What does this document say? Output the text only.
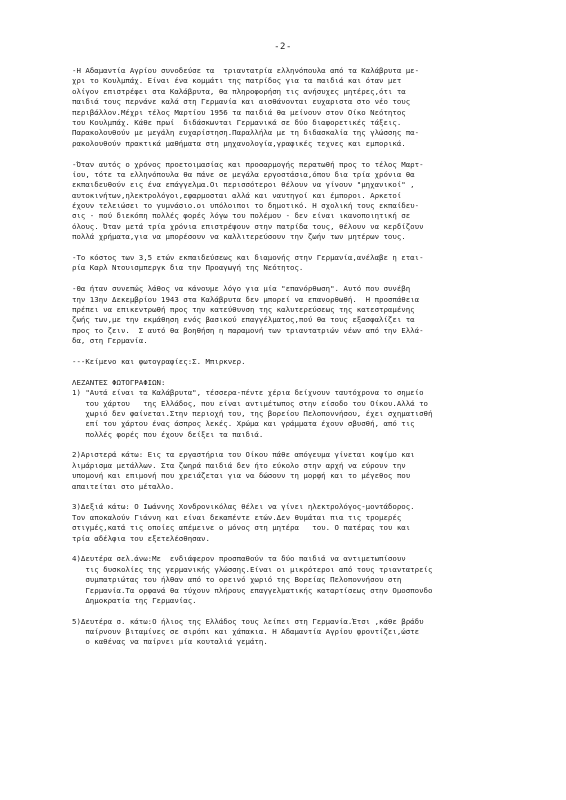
-2-
-Η Αδαμαντία Αγρίου συνοδεύσε τα  τριαντατρία ελληνόπουλα από τα Καλάβρυτα με-
χρι το Κουλμπάχ. Είναι ένα κομμάτι της πατρίδος για τα παιδιά και όταν μετ
ολίγον επιστρέφει στα Καλάβρυτα, θα πληροφορήση τις ανήσυχες μητέρες,ότι τα
παιδιά τους περνάνε καλά στη Γερμανία και αισθάνονται ευχαριστα στο νέο τους
περιβάλλον.Μέχρι τέλος Μαρτίου 1956 τα παιδιά θα μείνουν στον Οίκο Νεότητος
του Κουλμπάχ. Κάθε πρωί  διδάσκωνται Γερμανικά σε δύο διαφορετικές τάξεις.
Παρακολουθούν με μεγάλη ευχαρίστηση.Παραλλήλα με τη διδασκαλία της γλώσσης πα-
ρακολουθούν πρακτικά μαθήματα στη μηχανολογία,γραφικές τεχνες και εμπορικά.
-Όταν αυτός ο χρόνος προετοιμασίας και προσαρμογής περατωθή προς το τέλος Μαρτ-
ίου, τότε τα ελληνόπουλα θα πάνε σε μεγάλα εργοστάσια,όπου δια τρία χρόνια θα
εκπαιδευθούν εις ένα επάγγελμα.Οι περισσότεροι θέλουν να γίνουν "μηχανικοί" ,
αυτοκινήτων,ηλεκτρολόγοι,εφαρμοσται αλλά και ναυτηγοί και έμποροι. Αρκετοί
έχουν τελειώσει το γυμνάσιο.οι υπόλοιποι το δημοτικό. Η σχολική τους εκπαίδευ-
σις - πού διεκόπη πολλές φορές λόγω του πολέμου - δεν είναι ικανοποιητική σε
όλους. Όταν μετά τρία χρόνια επιστρέψουν στην πατρίδα τους, θέλουν να κερδίζουν
πολλά χρήματα,για να μπορέσουν να καλλιτερεύσουν την ζωήν των μητέρων τους.
-Το κόστος των 3,5 ετών εκπαιδεύσεως και διαμονής στην Γερμανία,ανέλαβε η εται-
ρία Καρλ Ντουισμπεργκ δια την Προαγωγή της Νεότητος.
-Θα ήταν συνεπώς λάθος να κάνουμε λόγο για μία "επανόρθωση". Αυτό που συνέβη
την 13ην Δεκεμβρίου 1943 στα Καλάβρυτα δεν μπορεί να επανορθωθή.  Η προσπάθεια
πρέπει να επικεντρωθή προς την κατεύθυνση της καλυτερεύσεως της κατεστραμένης
ζωής των,με την εκμάθηση ενός βασικού επαγγέλματος,πού θα τους εξασφαλίζει τα
προς το ζειν.  Σ αυτό θα βοηθήση η παραμονή των τριαντατριών νέων από την Ελλά-
δα, στη Γερμανία.
---Κείμενο και φωτογραφίες:Σ. Μπιρκνερ.
ΛΕΖΑΝΤΕΣ ΦΩΤΟΓΡΑΦΙΩΝ:
1) "Αυτά είναι τα Καλάβρυτα", τέσσερα-πέντε χέρια δείχνουν ταυτόχρονα το σημείο
του χάρτου   της Ελλάδος, που είναι αντιμέτωπος στην είσοδο του Οίκου.Αλλά το
χωριό δεν φαίνεται.Στην περιοχή του, της βορείου Πελοποννήσου, έχει σχηματισθή
επί του χάρτου ένας άσπρος λεκές. Χρώμα και γράμματα έχουν σβυσθή, από τις
πολλές φορές που έχουν δείξει τα παιδιά.
2)Αριστερά κάτω: Εις τα εργαστήρια του Οίκου πάθε απόγευμα γίνεται κοψίμο και
λιμάρισμα μετάλλων. Στα ζωηρά παιδιά δεν ήτο εύκολο στην αρχή να εύρουν την
υπομονή και επιμονή που χρειάζεται για να δώσουν τη μορφή και το μέγεθος που
απαιτείται στο μέταλλο.
3)Δεξιά κάτω: Ο Ιωάννης Χονδρονικόλας θέλει να γίνει ηλεκτρολόγος-μοντάδορος.
Τον αποκαλούν Γιάννη και είναι δεκαπέντε ετών.Δεν θυμάται πια τις τρομερές
στιγμές,κατά τις οποίες απέμεινε ο μόνος στη μητέρα   του. Ο πατέρας του και
τρία αδέλφια του εξετελέσθησαν.
4)Δευτέρα σελ.άνω:Με  ενδιάφερον προσπαθούν τα δύο παιδιά να αντιμετωπίσουν
τις δυσκολίες της γερμανικής γλώσσης.Είναι οι μικρότεροι από τους τριαντατρείς
συμπατριώτας του ήλθαν από το ορεινό χωριό της Βορείας Πελοποννήσου στη
Γερμανία.Τα ορφανά θα τύχουν πλήρους επαγγελματικής καταρτίσεως στην Ομοσπονδο
Δημοκρατία της Γερμανίας.
5)Δευτέρα σ. κάτω:Ο ήλιος της Ελλάδος τους λείπει στη Γερμανία.Έτσι ,κάθε βράδυ
παίρνουν βιταμίνες σε σιρόπι και χάπακια. Η Αδαμαντία Αγρίου φροντίζει,ώστε
ο καθένας να παίρνει μία κουταλιά γεμάτη.
